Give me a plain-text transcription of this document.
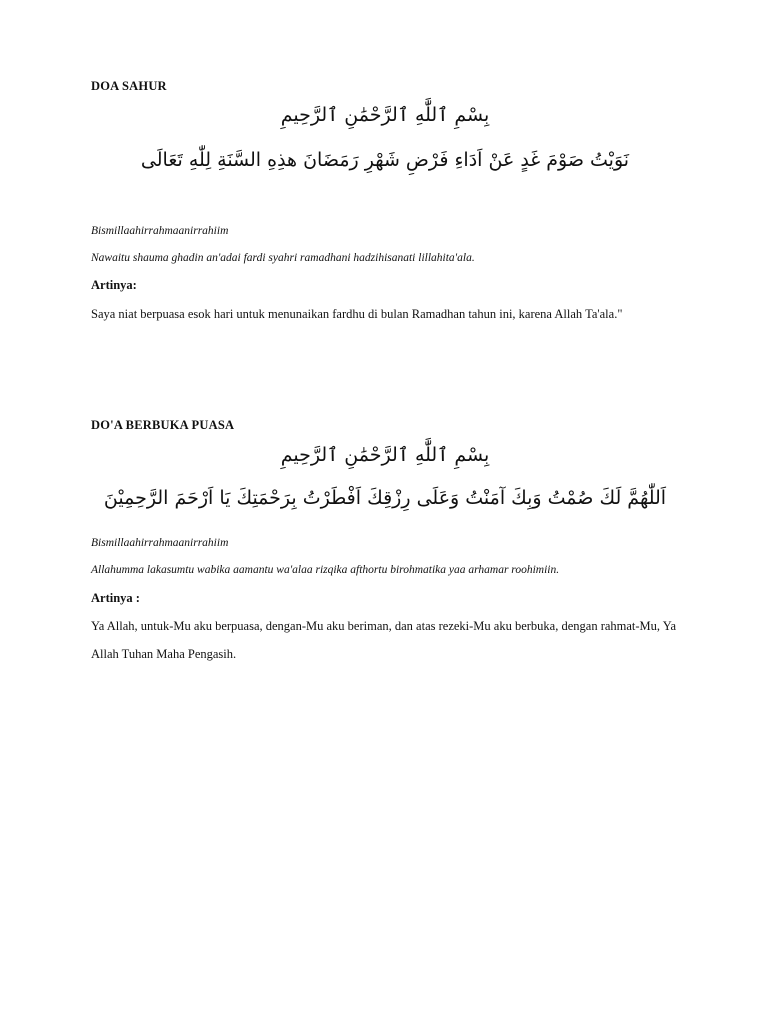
DOA SAHUR
بِسْمِ ٱللَّٰهِ ٱلرَّحْمَٰنِ ٱلرَّحِيمِ
نَوَيْتُ صَوْمَ غَدٍ عَنْ اَدَاءِ فَرْضِ شَهْرِ رَمَضَانَ هذِهِ السَّنَةِ لِلّٰهِ تَعَالَى
Bismillaahirrahmaanirrahiim
Nawaitu shauma ghadin an'adai fardi syahri ramadhani hadzihisanati lillahita'ala.
Artinya:
Saya niat berpuasa esok hari untuk menunaikan fardhu di bulan Ramadhan tahun ini, karena Allah Ta'ala."
DO'A BERBUKA PUASA
بِسْمِ ٱللَّٰهِ ٱلرَّحْمَٰنِ ٱلرَّحِيمِ
اَللّٰهُمَّ لَكَ صُمْتُ وَبِكَ آمَنْتُ وَعَلَى رِزْقِكَ اَفْطَرْتُ بِرَحْمَتِكَ يَا اَرْحَمَ الرَّحِمِيْنَ
Bismillaahirrahmaanirrahiim
Allahumma lakasumtu wabika aamantu wa'alaa rizqika afthortu birohmatika yaa arhamar roohimiin.
Artinya :
Ya Allah, untuk-Mu aku berpuasa, dengan-Mu aku beriman, dan atas rezeki-Mu aku berbuka, dengan rahmat-Mu, Ya Allah Tuhan Maha Pengasih.
